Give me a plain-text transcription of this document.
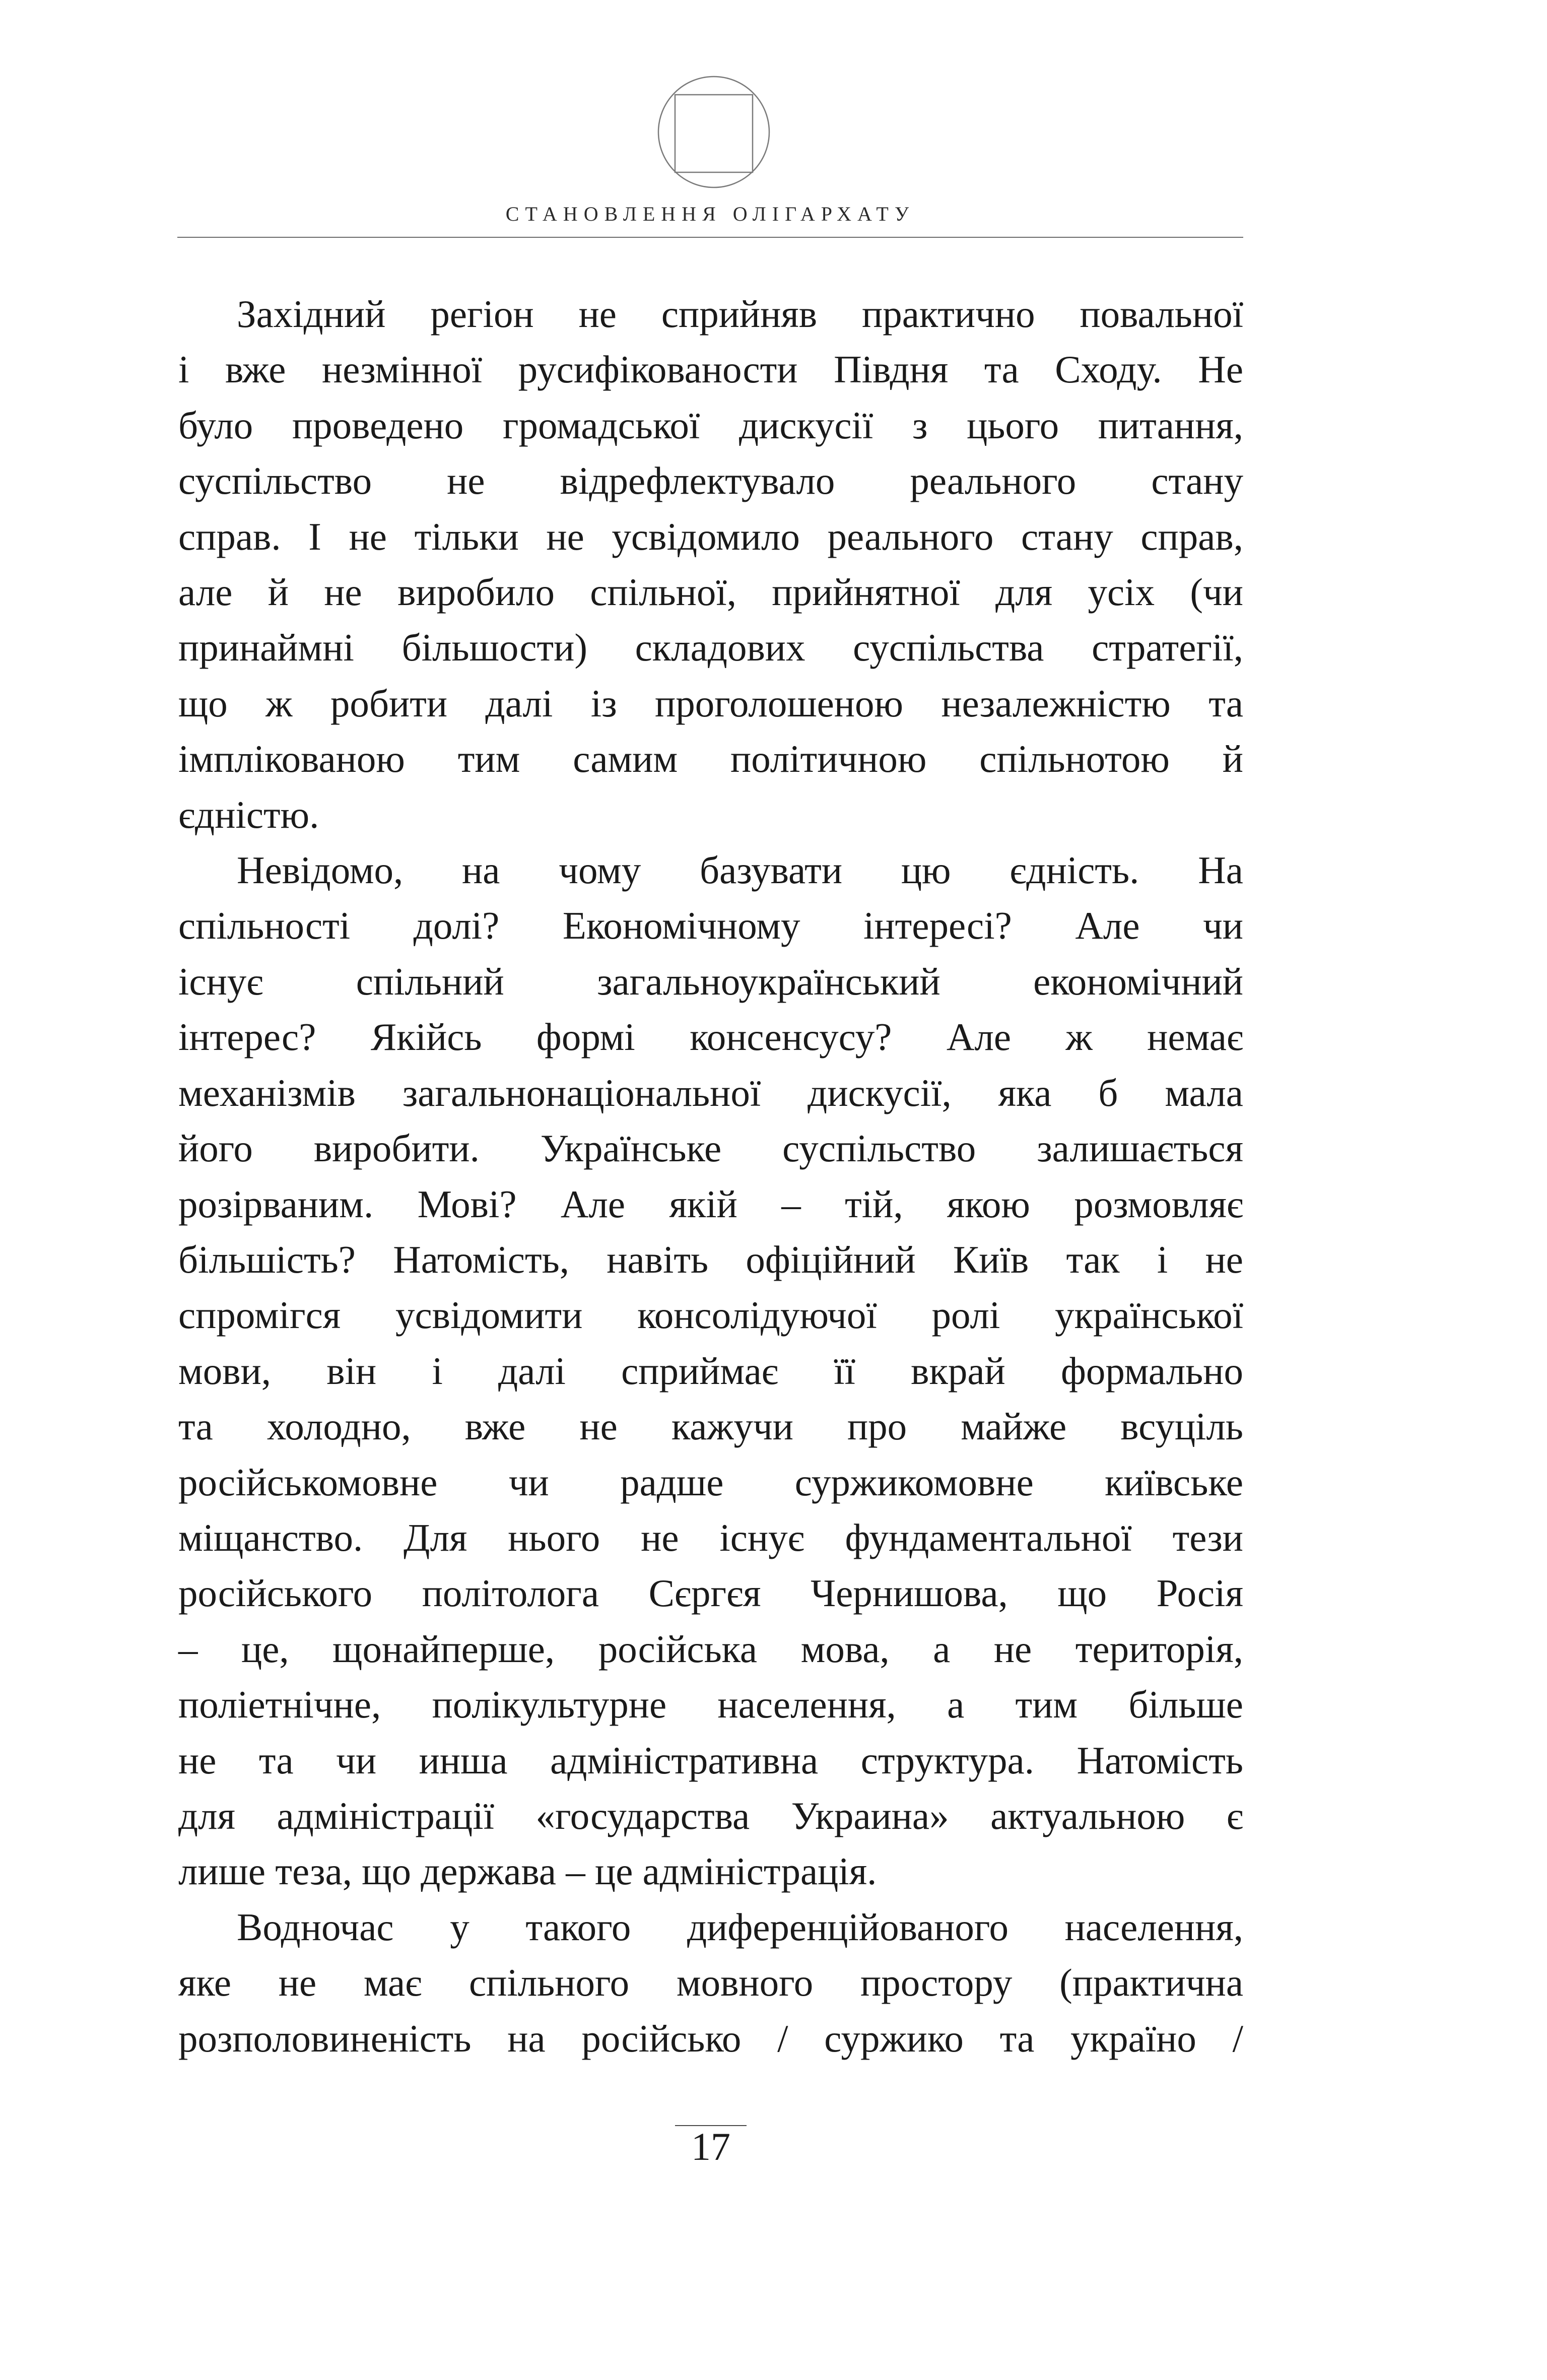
СТАНОВЛЕННЯ ОЛІГАРХАТУ
Західний регіон не сприйняв практично повальної
і вже незмінної русифікованости Півдня та Сходу. Не
було проведено громадської дискусії з цього питання,
суспільство не відрефлектувало реального стану
справ. І не тільки не усвідомило реального стану справ,
але й не виробило спільної, прийнятної для усіх (чи
принаймні більшости) складових суспільства стратегії,
що ж робити далі із проголошеною незалежністю та
імплікованою тим самим політичною спільнотою й
єдністю.
Невідомо, на чому базувати цю єдність. На
спільності долі? Економічному інтересі? Але чи
існує спільний загальноукраїнський економічний
інтерес? Якійсь формі консенсусу? Але ж немає
механізмів загальнонаціональної дискусії, яка б мала
його виробити. Українське суспільство залишається
розірваним. Мові? Але якій – тій, якою розмовляє
більшість? Натомість, навіть офіційний Київ так і не
спромігся усвідомити консолідуючої ролі української
мови, він і далі сприймає її вкрай формально
та холодно, вже не кажучи про майже всуціль
російськомовне чи радше суржикомовне київське
міщанство. Для нього не існує фундаментальної тези
російського політолога Сєргєя Чернишова, що Росія
– це, щонайперше, російська мова, а не територія,
поліетнічне, полікультурне населення, а тим більше
не та чи инша адміністративна структура. Натомість
для адміністрації «государства Украина» актуальною є
лише теза, що держава – це адміністрація.
Водночас у такого диференційованого населення,
яке не має спільного мовного простору (практична
розполовиненість на російсько / суржико та україно /
17
